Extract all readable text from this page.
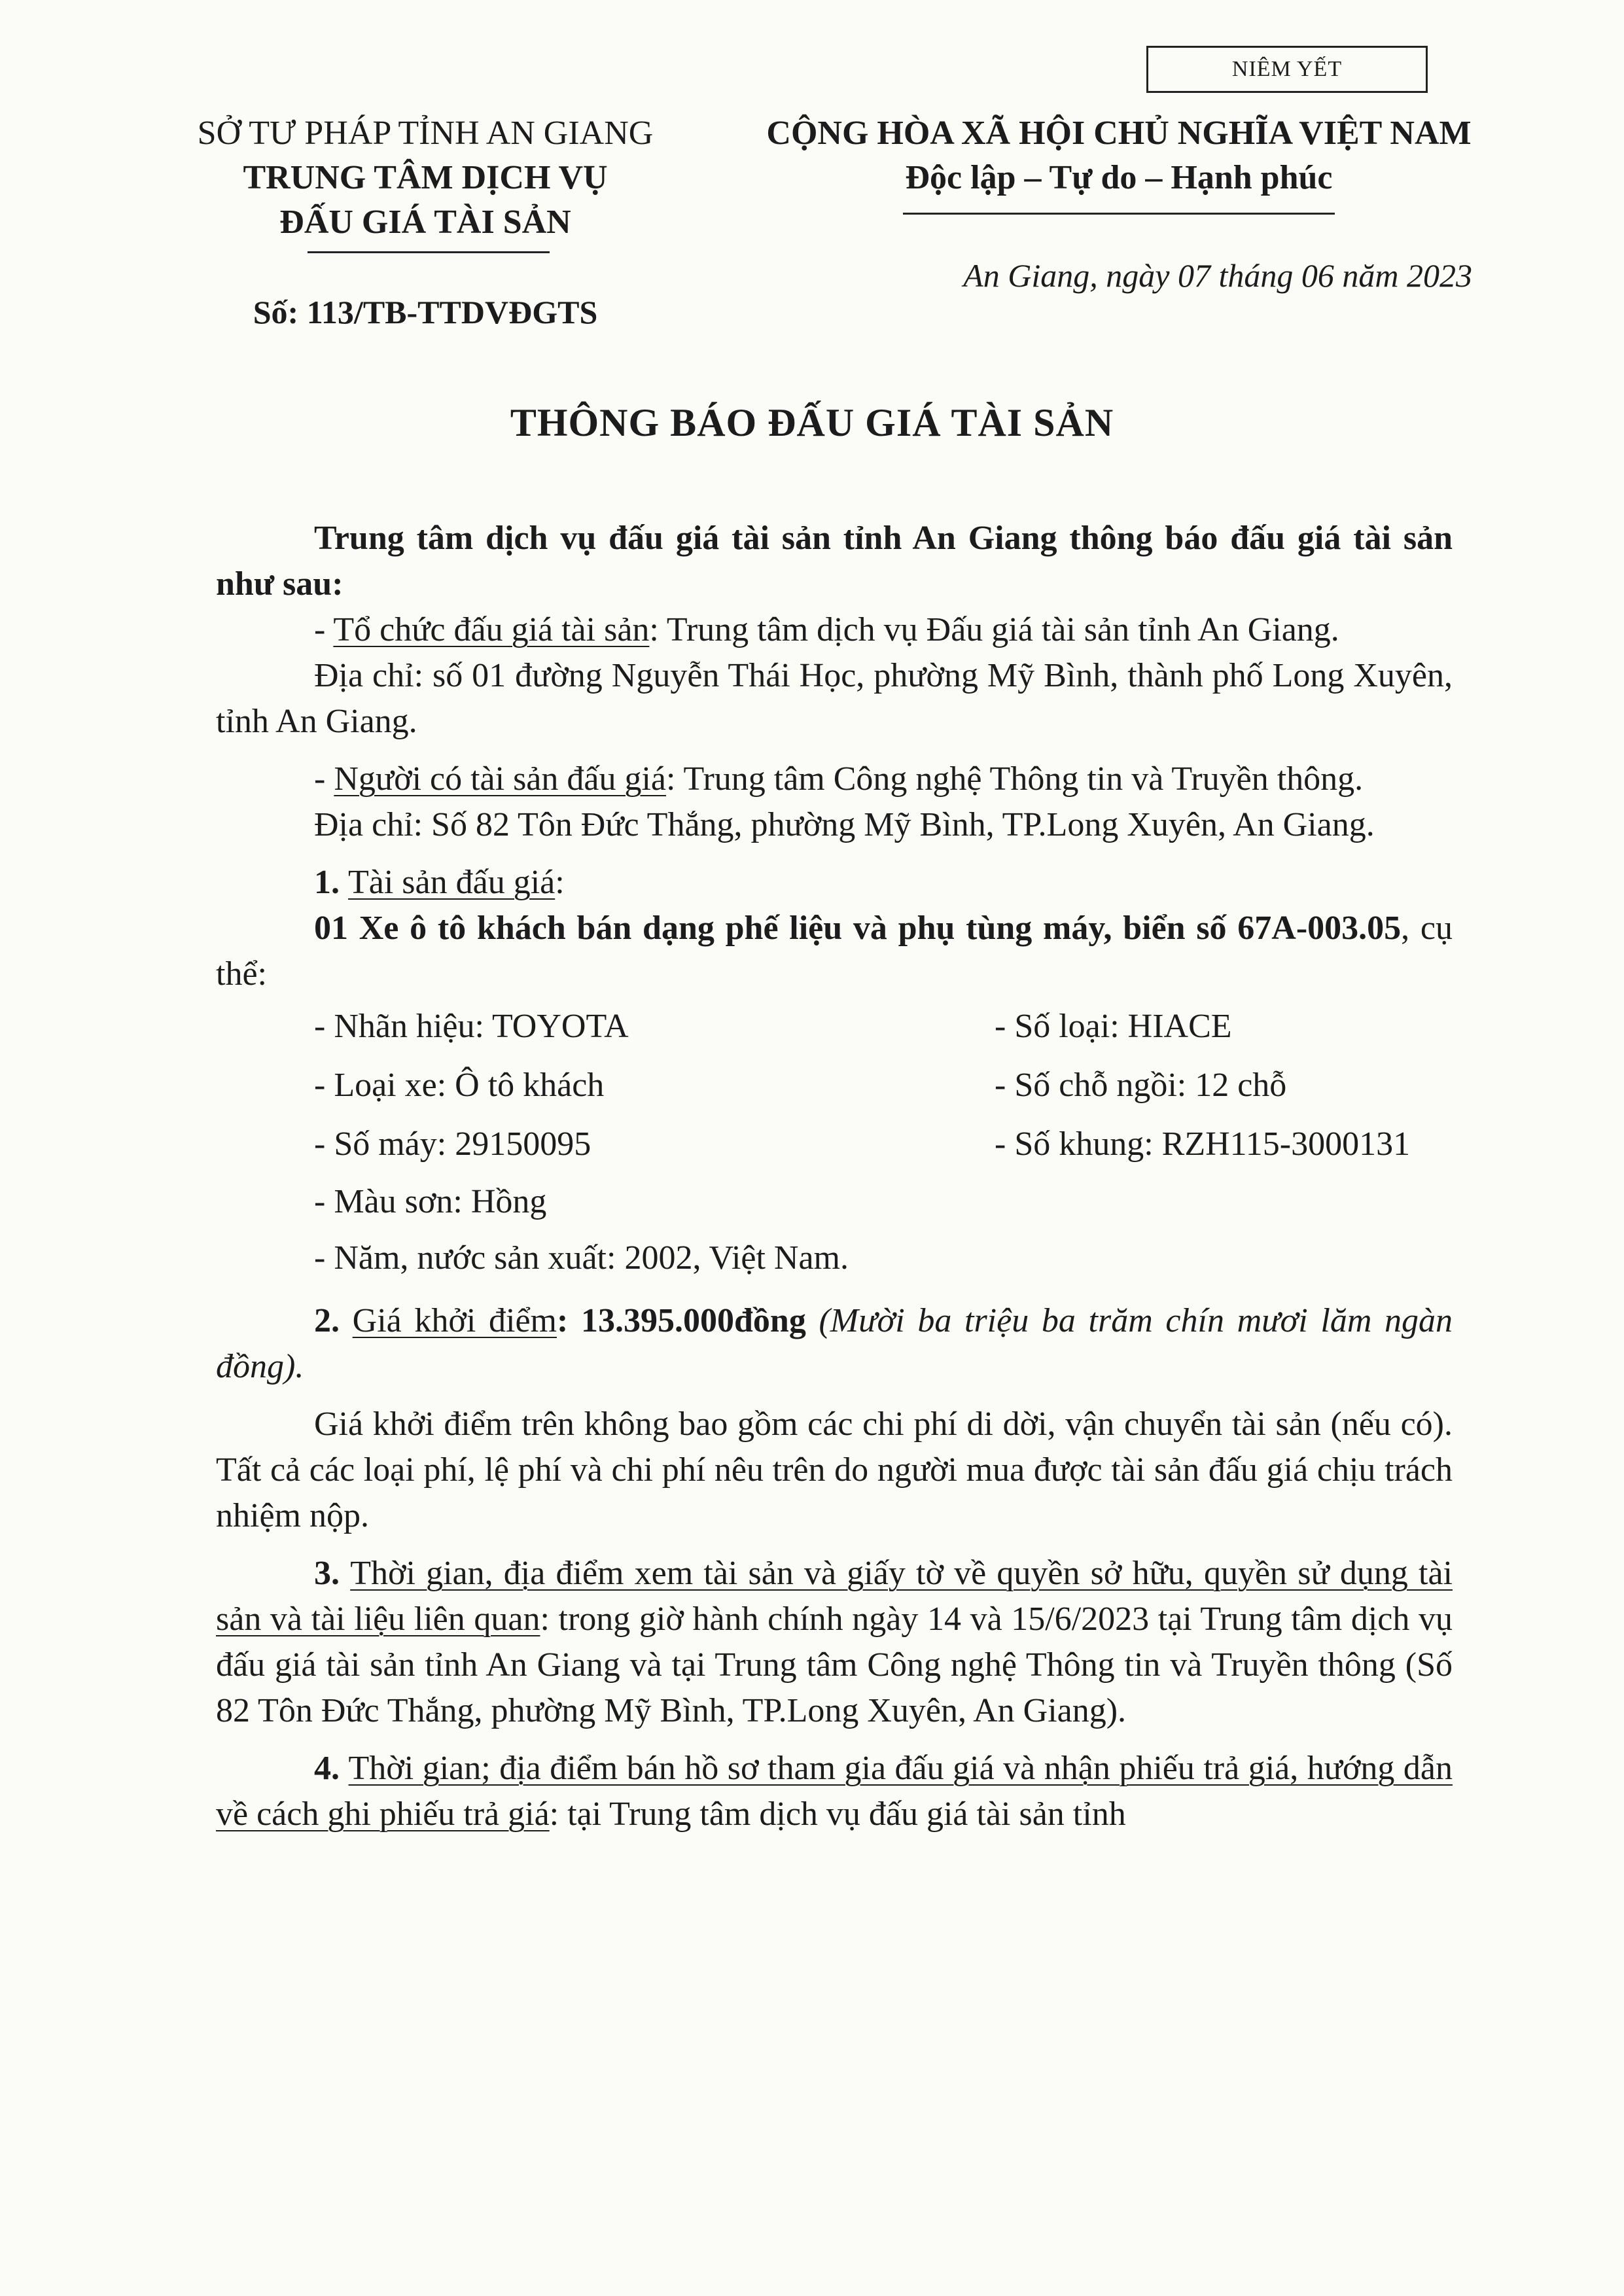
NIÊM YẾT
SỞ TƯ PHÁP TỈNH AN GIANG
TRUNG TÂM DỊCH VỤ
ĐẤU GIÁ TÀI SẢN
CỘNG HÒA XÃ HỘI CHỦ NGHĨA VIỆT NAM
Độc lập – Tự do – Hạnh phúc
An Giang, ngày 07 tháng 06 năm 2023
Số: 113/TB-TTDVĐGTS
THÔNG BÁO ĐẤU GIÁ TÀI SẢN

Trung tâm dịch vụ đấu giá tài sản tỉnh An Giang thông báo đấu giá tài sản như sau:

- Tổ chức đấu giá tài sản: Trung tâm dịch vụ Đấu giá tài sản tỉnh An Giang.

Địa chỉ: số 01 đường Nguyễn Thái Học, phường Mỹ Bình, thành phố Long Xuyên, tỉnh An Giang.

- Người có tài sản đấu giá: Trung tâm Công nghệ Thông tin và Truyền thông.

Địa chỉ: Số 82 Tôn Đức Thắng, phường Mỹ Bình, TP.Long Xuyên, An Giang.

1. Tài sản đấu giá:

01 Xe ô tô khách bán dạng phế liệu và phụ tùng máy, biển số 67A-003.05, cụ thể:

- Nhãn hiệu: TOYOTA	- Số loại: HIACE
- Loại xe: Ô tô khách	- Số chỗ ngồi: 12 chỗ
- Số máy: 29150095	- Số khung: RZH115-3000131

- Màu sơn: Hồng

- Năm, nước sản xuất: 2002, Việt Nam.

2. Giá khởi điểm: 13.395.000đồng (Mười ba triệu ba trăm chín mươi lăm ngàn đồng).

Giá khởi điểm trên không bao gồm các chi phí di dời, vận chuyển tài sản (nếu có). Tất cả các loại phí, lệ phí và chi phí nêu trên do người mua được tài sản đấu giá chịu trách nhiệm nộp.

3. Thời gian, địa điểm xem tài sản và giấy tờ về quyền sở hữu, quyền sử dụng tài sản và tài liệu liên quan: trong giờ hành chính ngày 14 và 15/6/2023 tại Trung tâm dịch vụ đấu giá tài sản tỉnh An Giang và tại Trung tâm Công nghệ Thông tin và Truyền thông (Số 82 Tôn Đức Thắng, phường Mỹ Bình, TP.Long Xuyên, An Giang).

4. Thời gian; địa điểm bán hồ sơ tham gia đấu giá và nhận phiếu trả giá, hướng dẫn về cách ghi phiếu trả giá: tại Trung tâm dịch vụ đấu giá tài sản tỉnh
